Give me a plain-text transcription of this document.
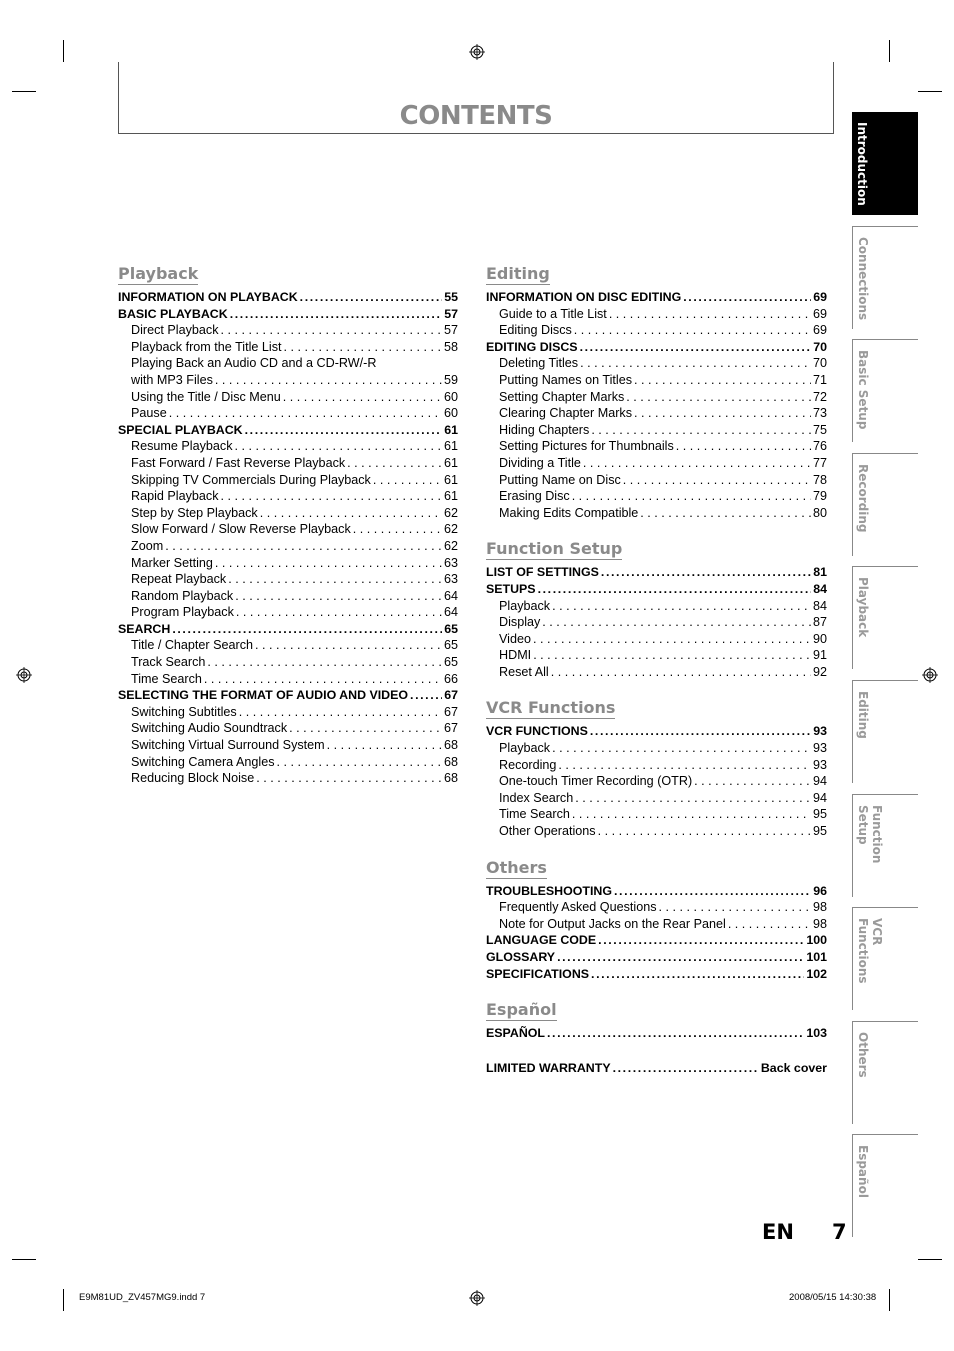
CONTENTS
Playback
INFORMATION ON PLAYBACK .....	55
BASIC PLAYBACK .....	57
Direct Playback . . .	57
Playback from the Title List . . .	58
Playing Back an Audio CD and a CD-RW/-R
with MP3 Files . . .	59
Using the Title / Disc Menu . . .	60
Pause . . .	60
SPECIAL PLAYBACK .....	61
Resume Playback . . .	61
Fast Forward / Fast Reverse Playback . . .	61
Skipping TV Commercials During Playback . . .	61
Rapid Playback . . .	61
Step by Step Playback . . .	62
Slow Forward / Slow Reverse Playback . . .	62
Zoom . . .	62
Marker Setting . . .	63
Repeat Playback . . .	63
Random Playback . . .	64
Program Playback . . .	64
SEARCH .....	65
Title / Chapter Search . . .	65
Track Search . . .	65
Time Search . . .	66
SELECTING THE FORMAT OF AUDIO AND VIDEO .....	67
Switching Subtitles . . .	67
Switching Audio Soundtrack . . .	67
Switching Virtual Surround System . . .	68
Switching Camera Angles . . .	68
Reducing Block Noise . . .	68
Editing
INFORMATION ON DISC EDITING .....	69
Guide to a Title List . . .	69
Editing Discs . . .	69
EDITING DISCS .....	70
Deleting Titles . . .	70
Putting Names on Titles . . .	71
Setting Chapter Marks . . .	72
Clearing Chapter Marks . . .	73
Hiding Chapters . . .	75
Setting Pictures for Thumbnails . . .	76
Dividing a Title . . .	77
Putting Name on Disc . . .	78
Erasing Disc . . .	79
Making Edits Compatible . . .	80
Function Setup
LIST OF SETTINGS .....	81
SETUPS .....	84
Playback . . .	84
Display . . .	87
Video . . .	90
HDMI . . .	91
Reset All . . .	92
VCR Functions
VCR FUNCTIONS .....	93
Playback . . .	93
Recording . . .	93
One-touch Timer Recording (OTR) . . .	94
Index Search . . .	94
Time Search . . .	95
Other Operations . . .	95
Others
TROUBLESHOOTING .....	96
Frequently Asked Questions . . .	98
Note for Output Jacks on the Rear Panel . . .	98
LANGUAGE CODE .....	100
GLOSSARY .....	101
SPECIFICATIONS .....	102
Español
ESPAÑOL .....	103
LIMITED WARRANTY .....	Back cover
Introduction
Connections
Basic Setup
Recording
Playback
Editing
Function Setup
VCR Functions
Others
Español
EN 7
E9M81UD_ZV457MG9.indd 7	2008/05/15 14:30:38
